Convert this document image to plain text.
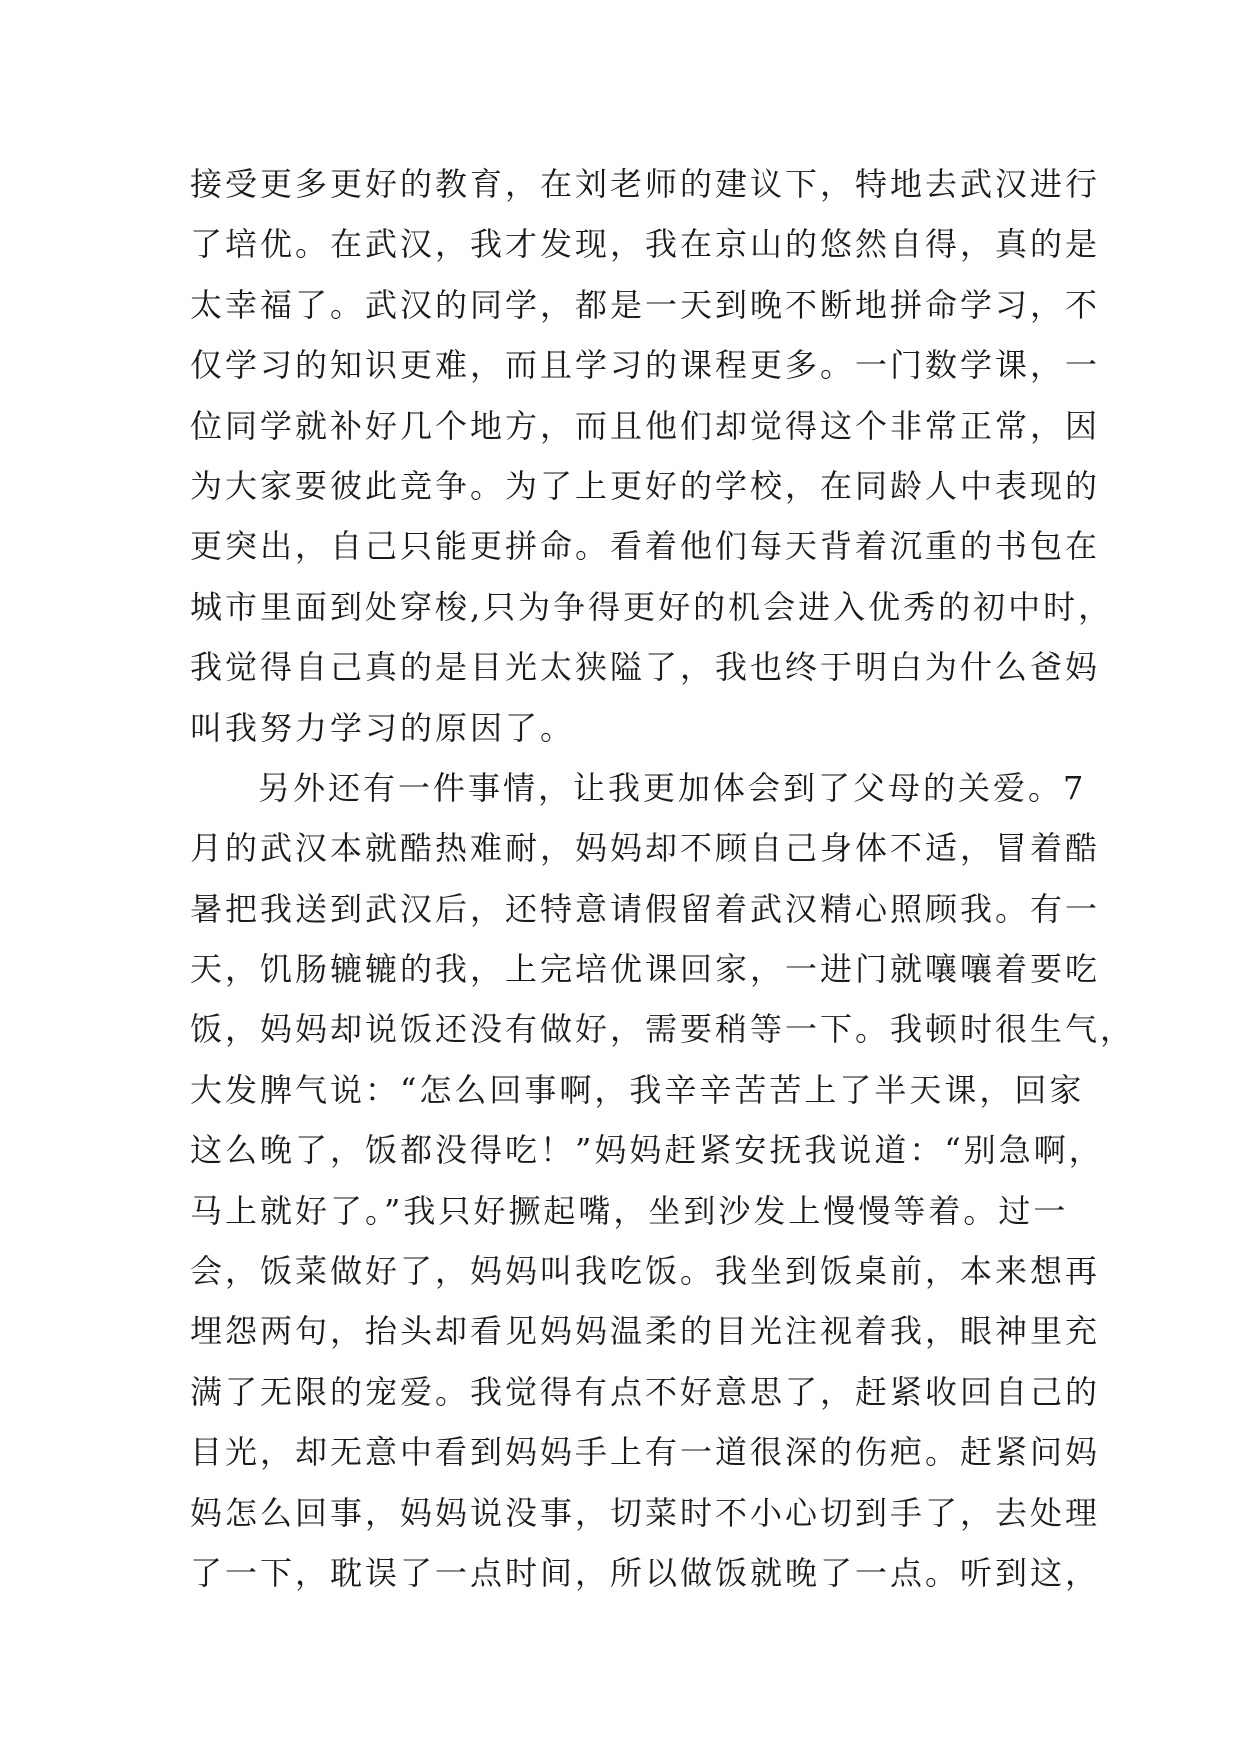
接受更多更好的教育，在刘老师的建议下，特地去武汉进行
了培优。在武汉，我才发现，我在京山的悠然自得，真的是
太幸福了。武汉的同学，都是一天到晚不断地拼命学习，不
仅学习的知识更难，而且学习的课程更多。一门数学课，一
位同学就补好几个地方，而且他们却觉得这个非常正常，因
为大家要彼此竞争。为了上更好的学校，在同龄人中表现的
更突出，自己只能更拼命。看着他们每天背着沉重的书包在
城市里面到处穿梭,只为争得更好的机会进入优秀的初中时，
我觉得自己真的是目光太狭隘了，我也终于明白为什么爸妈
叫我努力学习的原因了。
另外还有一件事情，让我更加体会到了父母的关爱。7
月的武汉本就酷热难耐，妈妈却不顾自己身体不适，冒着酷
暑把我送到武汉后，还特意请假留着武汉精心照顾我。有一
天，饥肠辘辘的我，上完培优课回家，一进门就嚷嚷着要吃
饭，妈妈却说饭还没有做好，需要稍等一下。我顿时很生气，
大发脾气说：“怎么回事啊，我辛辛苦苦上了半天课，回家
这么晚了，饭都没得吃！”妈妈赶紧安抚我说道：“别急啊，
马上就好了。”我只好撅起嘴，坐到沙发上慢慢等着。过一
会，饭菜做好了，妈妈叫我吃饭。我坐到饭桌前，本来想再
埋怨两句，抬头却看见妈妈温柔的目光注视着我，眼神里充
满了无限的宠爱。我觉得有点不好意思了，赶紧收回自己的
目光，却无意中看到妈妈手上有一道很深的伤疤。赶紧问妈
妈怎么回事，妈妈说没事，切菜时不小心切到手了，去处理
了一下，耽误了一点时间，所以做饭就晚了一点。听到这，
